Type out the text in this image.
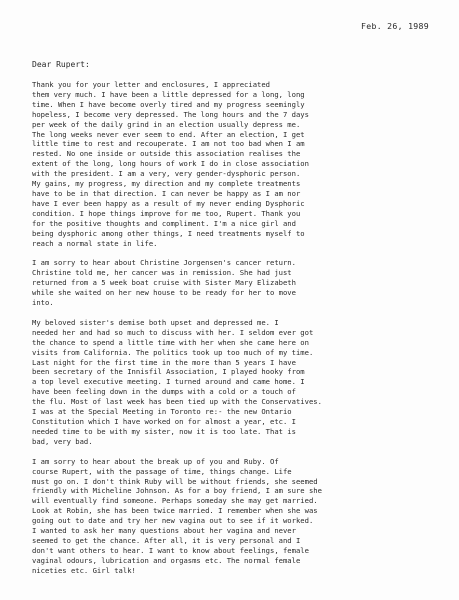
Feb. 26, 1989
Dear Rupert:

Thank you for your letter and enclosures, I appreciated
them very much. I have been a little depressed for a long, long
time. When I have become overly tired and my progress seemingly
hopeless, I become very depressed. The long hours and the 7 days
per week of the daily grind in an election usually depress me.
The long weeks never ever seem to end. After an election, I get
little time to rest and recouperate. I am not too bad when I am
rested. No one inside or outside this association realises the
extent of the long, long hours of work I do in close association
with the president. I am a very, very gender-dysphoric person.
My gains, my progress, my direction and my complete treatments
have to be in that direction. I can never be happy as I am nor
have I ever been happy as a result of my never ending Dysphoric
condition. I hope things improve for me too, Rupert. Thank you
for the positive thoughts and compliment. I'm a nice girl and
being dysphoric among other things, I need treatments myself to
reach a normal state in life.

I am sorry to hear about Christine Jorgensen's cancer return.
Christine told me, her cancer was in remission. She had just
returned from a 5 week boat cruise with Sister Mary Elizabeth
while she waited on her new house to be ready for her to move
into.

My beloved sister's demise both upset and depressed me. I
needed her and had so much to discuss with her. I seldom ever got
the chance to spend a little time with her when she came here on
visits from California. The politics took up too much of my time.
Last night for the first time in the more than 5 years I have
been secretary of the Innisfil Association, I played hooky from
a top level executive meeting. I turned around and came home. I
have been feeling down in the dumps with a cold or a touch of
the flu. Most of last week has been tied up with the Conservatives.
I was at the Special Meeting in Toronto re:- the new Ontario
Constitution which I have worked on for almost a year, etc. I
needed time to be with my sister, now it is too late. That is
bad, very bad.

I am sorry to hear about the break up of you and Ruby. Of
course Rupert, with the passage of time, things change. Life
must go on. I don't think Ruby will be without friends, she seemed
friendly with Micheline Johnson. As for a boy friend, I am sure she
will eventually find someone. Perhaps someday she may get married.
Look at Robin, she has been twice married. I remember when she was
going out to date and try her new vagina out to see if it worked.
I wanted to ask her many questions about her vagina and never
seemed to get the chance. After all, it is very personal and I
don't want others to hear. I want to know about feelings, female
vaginal odours, lubrication and orgasms etc. The normal female
niceties etc. Girl talk!
